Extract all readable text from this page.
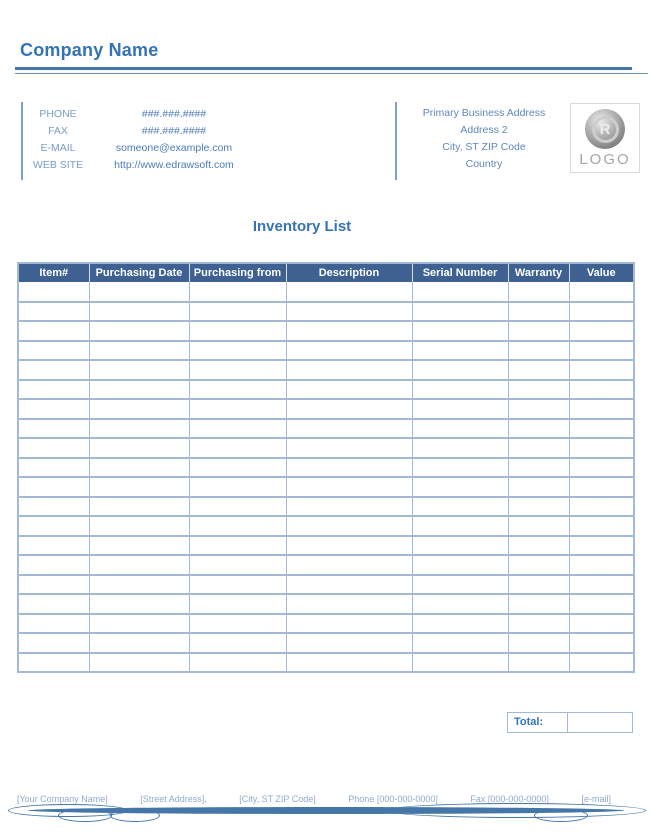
Company Name
PHONE	###.###.####
FAX	###.###.####
E-MAIL	someone@example.com
WEB SITE	http://www.edrawsoft.com
Primary Business Address
Address 2
City, ST ZIP Code
Country
R
LOGO
Inventory List
Item#	Purchasing Date	Purchasing from	Description	Serial Number	Warranty	Value

Total:
[Your Company Name]	[Street Address],	[City, ST ZIP Code]	Phone [000-000-0000]	Fax [000-000-0000]	[e-mail]
